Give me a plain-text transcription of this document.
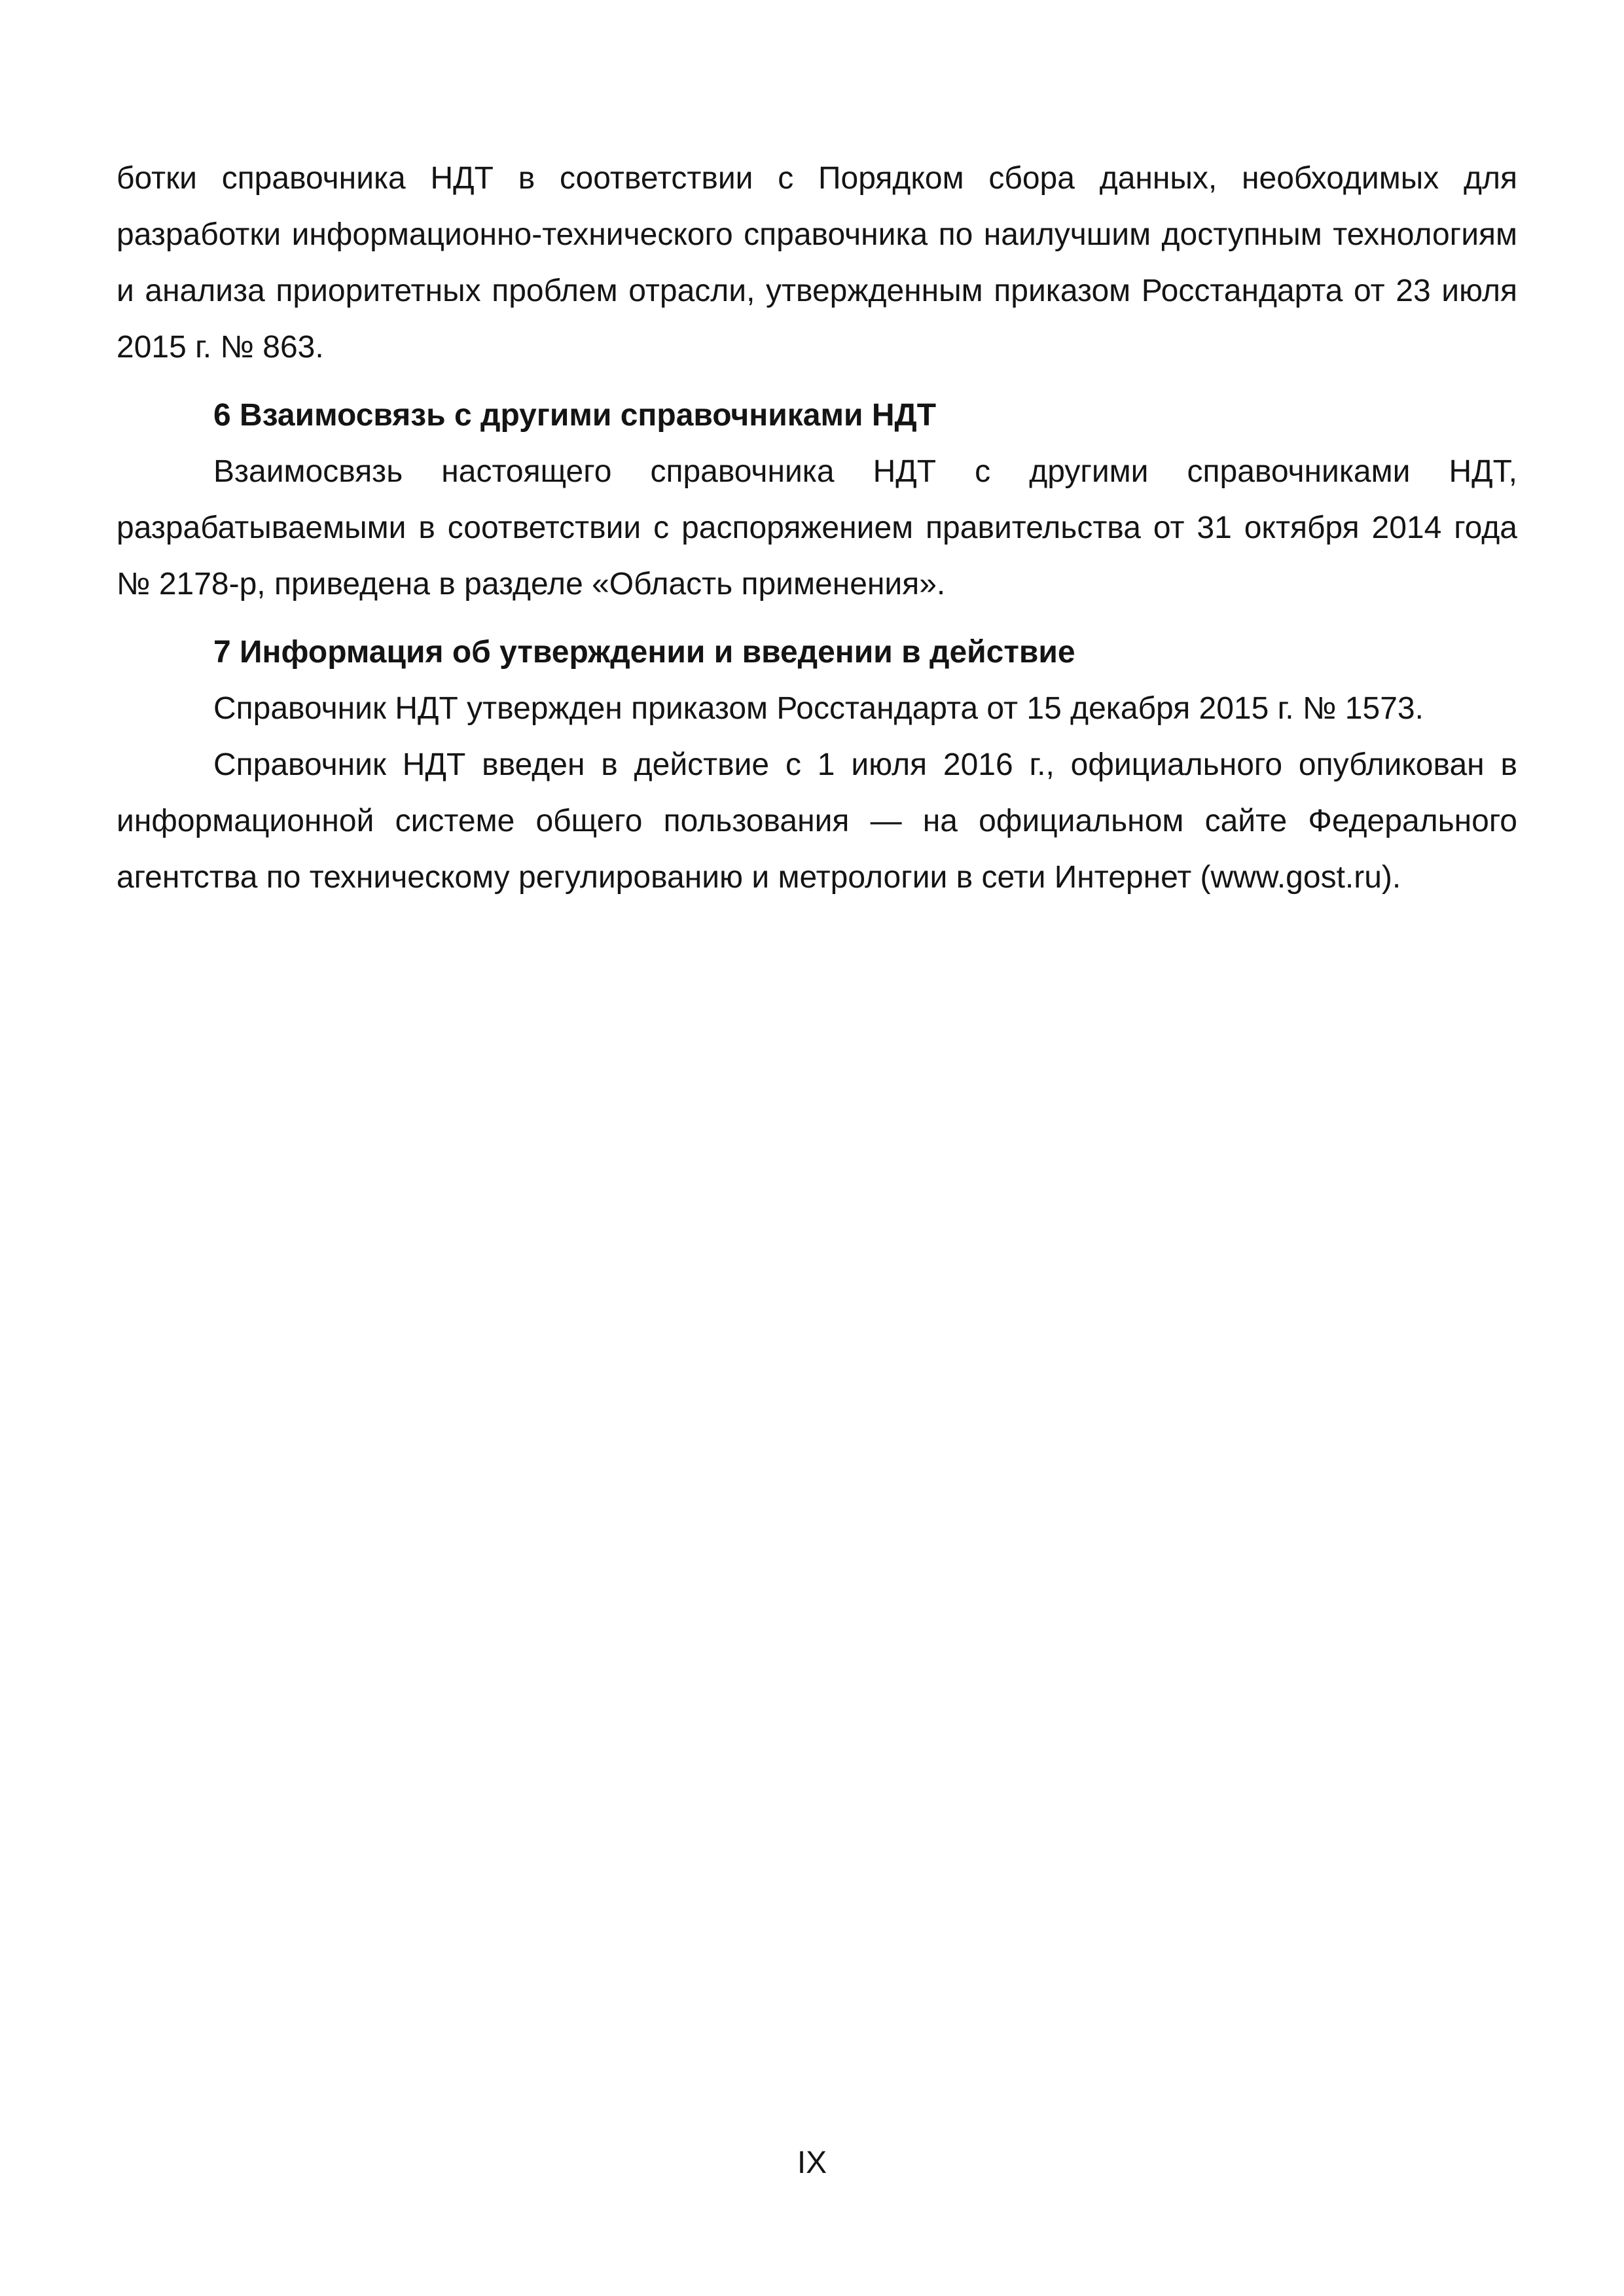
ботки справочника НДТ в соответствии с Порядком сбора данных, необходимых для разработки информационно-технического справочника по наилучшим доступным технологиям и анализа приоритетных проблем отрасли, утвержденным приказом Росстандарта от 23 июля 2015 г. № 863.

6 Взаимосвязь с другими справочниками НДТ

Взаимосвязь настоящего справочника НДТ с другими справочниками НДТ, разрабатываемыми в соответствии с распоряжением правительства от 31 октября 2014 года № 2178-р, приведена в разделе «Область применения».

7 Информация об утверждении и введении в действие

Справочник НДТ утвержден приказом Росстандарта от 15 декабря 2015 г. № 1573.

Справочник НДТ введен в действие с 1 июля 2016 г., официального опубликован в информационной системе общего пользования — на официальном сайте Федерального агентства по техническому регулированию и метрологии в сети Интернет (www.gost.ru).

IX
